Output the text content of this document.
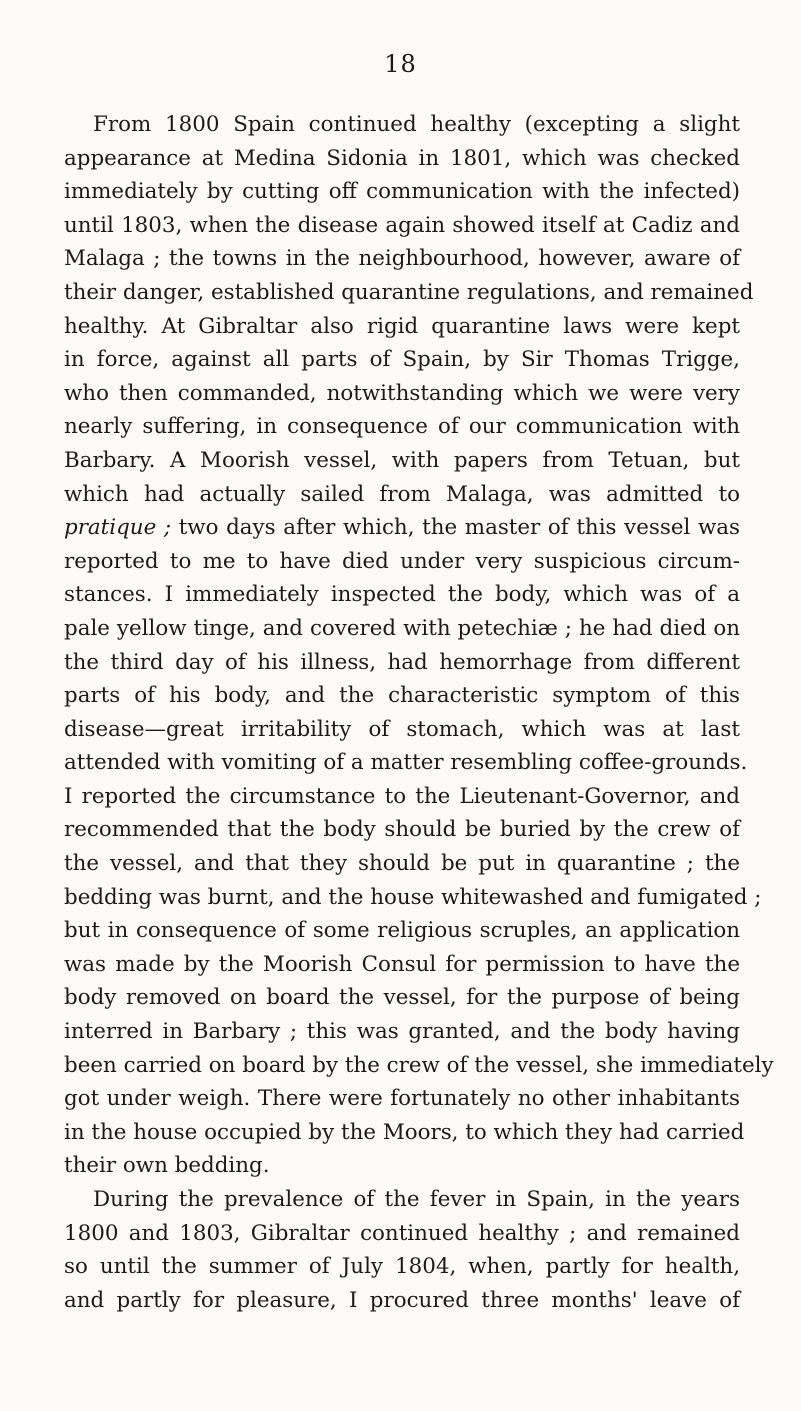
18
From 1800 Spain continued healthy (excepting a slight
appearance at Medina Sidonia in 1801, which was checked
immediately by cutting off communication with the infected)
until 1803, when the disease again showed itself at Cadiz and
Malaga ; the towns in the neighbourhood, however, aware of
their danger, established quarantine regulations, and remained
healthy. At Gibraltar also rigid quarantine laws were kept
in force, against all parts of Spain, by Sir Thomas Trigge,
who then commanded, notwithstanding which we were very
nearly suffering, in consequence of our communication with
Barbary. A Moorish vessel, with papers from Tetuan, but
which had actually sailed from Malaga, was admitted to
pratique ; two days after which, the master of this vessel was
reported to me to have died under very suspicious circum-
stances. I immediately inspected the body, which was of a
pale yellow tinge, and covered with petechiæ ; he had died on
the third day of his illness, had hemorrhage from different
parts of his body, and the characteristic symptom of this
disease—great irritability of stomach, which was at last
attended with vomiting of a matter resembling coffee-grounds.
I reported the circumstance to the Lieutenant-Governor, and
recommended that the body should be buried by the crew of
the vessel, and that they should be put in quarantine ; the
bedding was burnt, and the house whitewashed and fumigated ;
but in consequence of some religious scruples, an application
was made by the Moorish Consul for permission to have the
body removed on board the vessel, for the purpose of being
interred in Barbary ; this was granted, and the body having
been carried on board by the crew of the vessel, she immediately
got under weigh. There were fortunately no other inhabitants
in the house occupied by the Moors, to which they had carried
their own bedding.
During the prevalence of the fever in Spain, in the years
1800 and 1803, Gibraltar continued healthy ; and remained
so until the summer of July 1804, when, partly for health,
and partly for pleasure, I procured three months' leave of
